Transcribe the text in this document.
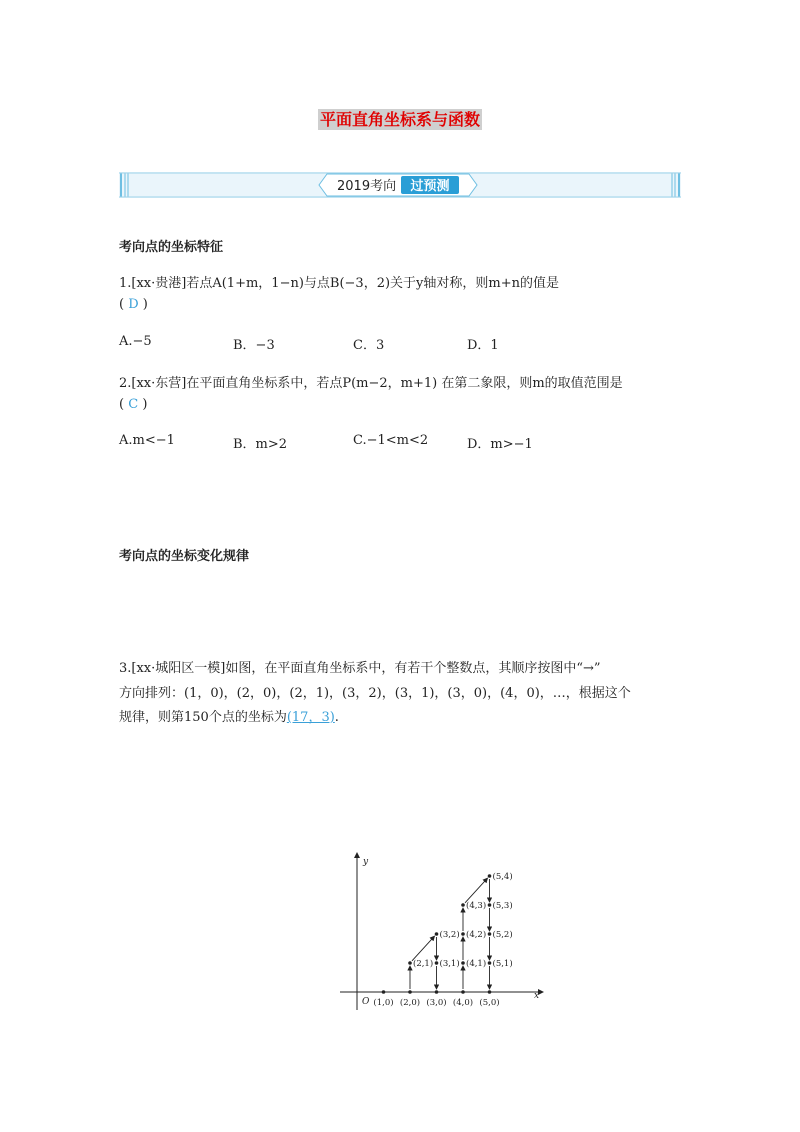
平面直角坐标系与函数
2019考向 过预测
考向点的坐标特征
1.[xx·贵港]若点A(1+m，1−n)与点B(−3，2)关于y轴对称，则m+n的值是
( D )
A.−5	B．−3	C．3	D．1
2.[xx·东营]在平面直角坐标系中，若点P(m−2，m+1) 在第二象限，则m的取值范围是
( C )
A.m<−1	B．m>2	C.−1<m<2	D．m>−1
考向点的坐标变化规律
3.[xx·城阳区一模]如图，在平面直角坐标系中，有若干个整数点，其顺序按图中“→”
方向排列：(1，0)，(2，0)，(2，1)，(3，2)，(3，1)，(3，0)，(4，0)，…，根据这个
规律，则第150个点的坐标为(17，3).
x
y
O (1,0) (2,0) (3,0) (4,0) (5,0)
(2,1) (3,1) (4,1) (5,1)
(3,2) (4,2) (5,2)
(4,3) (5,3)
(5,4)
